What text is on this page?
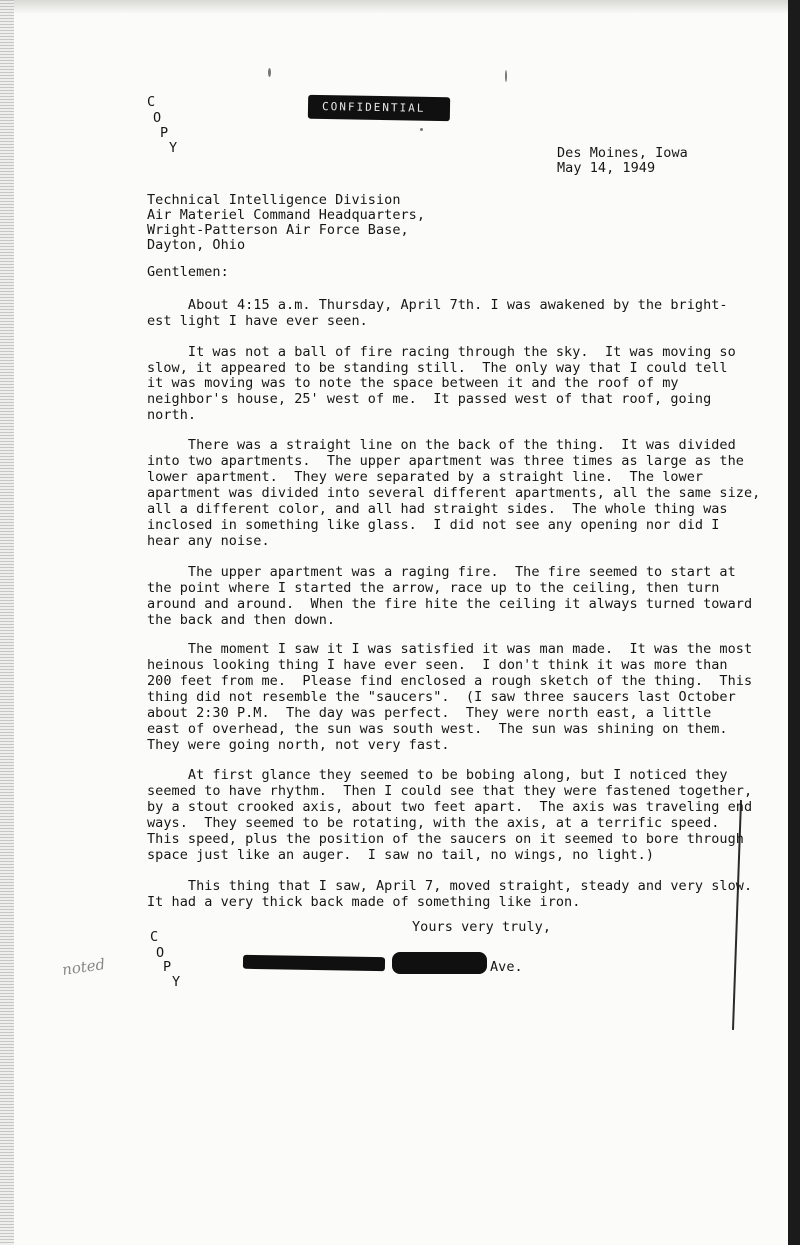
C
O
P
Y
CONFIDENTIAL
Des Moines, Iowa
May 14, 1949
Technical Intelligence Division
Air Materiel Command Headquarters,
Wright-Patterson Air Force Base,
Dayton, Ohio
Gentlemen:
About 4:15 a.m. Thursday, April 7th. I was awakened by the bright-
est light I have ever seen.
It was not a ball of fire racing through the sky.  It was moving so
slow, it appeared to be standing still.  The only way that I could tell
it was moving was to note the space between it and the roof of my
neighbor's house, 25' west of me.  It passed west of that roof, going
north.
There was a straight line on the back of the thing.  It was divided
into two apartments.  The upper apartment was three times as large as the
lower apartment.  They were separated by a straight line.  The lower
apartment was divided into several different apartments, all the same size,
all a different color, and all had straight sides.  The whole thing was
inclosed in something like glass.  I did not see any opening nor did I
hear any noise.
The upper apartment was a raging fire.  The fire seemed to start at
the point where I started the arrow, race up to the ceiling, then turn
around and around.  When the fire hite the ceiling it always turned toward
the back and then down.
The moment I saw it I was satisfied it was man made.  It was the most
heinous looking thing I have ever seen.  I don't think it was more than
200 feet from me.  Please find enclosed a rough sketch of the thing.  This
thing did not resemble the "saucers".  (I saw three saucers last October
about 2:30 P.M.  The day was perfect.  They were north east, a little
east of overhead, the sun was south west.  The sun was shining on them.
They were going north, not very fast.
At first glance they seemed to be bobing along, but I noticed they
seemed to have rhythm.  Then I could see that they were fastened together,
by a stout crooked axis, about two feet apart.  The axis was traveling end
ways.  They seemed to be rotating, with the axis, at a terrific speed.
This speed, plus the position of the saucers on it seemed to bore through
space just like an auger.  I saw no tail, no wings, no light.)
This thing that I saw, April 7, moved straight, steady and very slow.
It had a very thick back made of something like iron.
Yours very truly,
C
O
P
Y
Ave.
noted
